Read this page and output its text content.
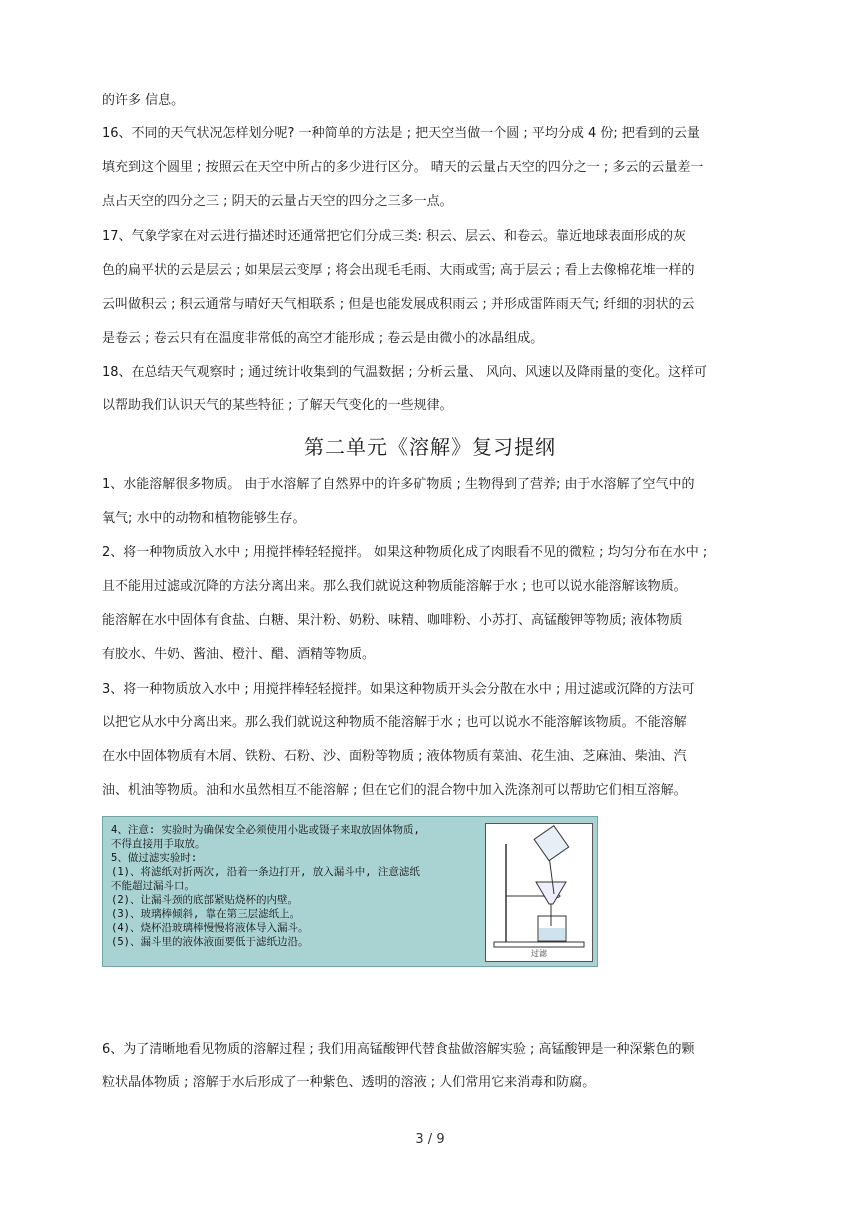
的许多 信息。
16、不同的天气状况怎样划分呢? 一种简单的方法是 ; 把天空当做一个圆 ; 平均分成 4 份; 把看到的云量
填充到这个圆里 ; 按照云在天空中所占的多少进行区分。 晴天的云量占天空的四分之一 ; 多云的云量差一
点占天空的四分之三 ; 阴天的云量占天空的四分之三多一点。
17、气象学家在对云进行描述时还通常把它们分成三类: 积云、层云、和卷云。靠近地球表面形成的灰
色的扁平状的云是层云 ; 如果层云变厚 ; 将会出现毛毛雨、大雨或雪; 高于层云 ; 看上去像棉花堆一样的
云叫做积云 ; 积云通常与晴好天气相联系 ; 但是也能发展成积雨云 ; 并形成雷阵雨天气; 纤细的羽状的云
是卷云 ; 卷云只有在温度非常低的高空才能形成 ; 卷云是由微小的冰晶组成。
18、在总结天气观察时 ; 通过统计收集到的气温数据 ; 分析云量、 风向、风速以及降雨量的变化。这样可
以帮助我们认识天气的某些特征 ; 了解天气变化的一些规律。
第二单元《溶解》复习提纲
1、水能溶解很多物质。 由于水溶解了自然界中的许多矿物质 ; 生物得到了营养; 由于水溶解了空气中的
氧气; 水中的动物和植物能够生存。
2、将一种物质放入水中 ; 用搅拌棒轻轻搅拌。 如果这种物质化成了肉眼看不见的微粒 ; 均匀分布在水中 ;
且不能用过滤或沉降的方法分离出来。那么我们就说这种物质能溶解于水 ; 也可以说水能溶解该物质。
能溶解在水中固体有食盐、白糖、果汁粉、奶粉、味精、咖啡粉、小苏打、高锰酸钾等物质; 液体物质
有胶水、牛奶、酱油、橙汁、醋、酒精等物质。
3、将一种物质放入水中 ; 用搅拌棒轻轻搅拌。如果这种物质开头会分散在水中 ; 用过滤或沉降的方法可
以把它从水中分离出来。那么我们就说这种物质不能溶解于水 ; 也可以说水不能溶解该物质。不能溶解
在水中固体物质有木屑、铁粉、石粉、沙、面粉等物质 ; 液体物质有菜油、花生油、芝麻油、柴油、汽
油、机油等物质。油和水虽然相互不能溶解 ; 但在它们的混合物中加入洗涤剂可以帮助它们相互溶解。
4、注意: 实验时为确保安全必须使用小匙或镊子来取放固体物质,
不得直接用手取放。
5、做过滤实验时:
(1)、将滤纸对折两次, 沿着一条边打开, 放入漏斗中, 注意滤纸
不能超过漏斗口。
(2)、让漏斗颈的底部紧贴烧杯的内壁。
(3)、玻璃棒倾斜, 靠在第三层滤纸上。
(4)、烧杯沿玻璃棒慢慢将液体导入漏斗。
(5)、漏斗里的液体液面要低于滤纸边沿。
过滤
6、为了清晰地看见物质的溶解过程 ; 我们用高锰酸钾代替食盐做溶解实验 ; 高锰酸钾是一种深紫色的颗
粒状晶体物质 ; 溶解于水后形成了一种紫色、透明的溶液 ; 人们常用它来消毒和防腐。
3 / 9
